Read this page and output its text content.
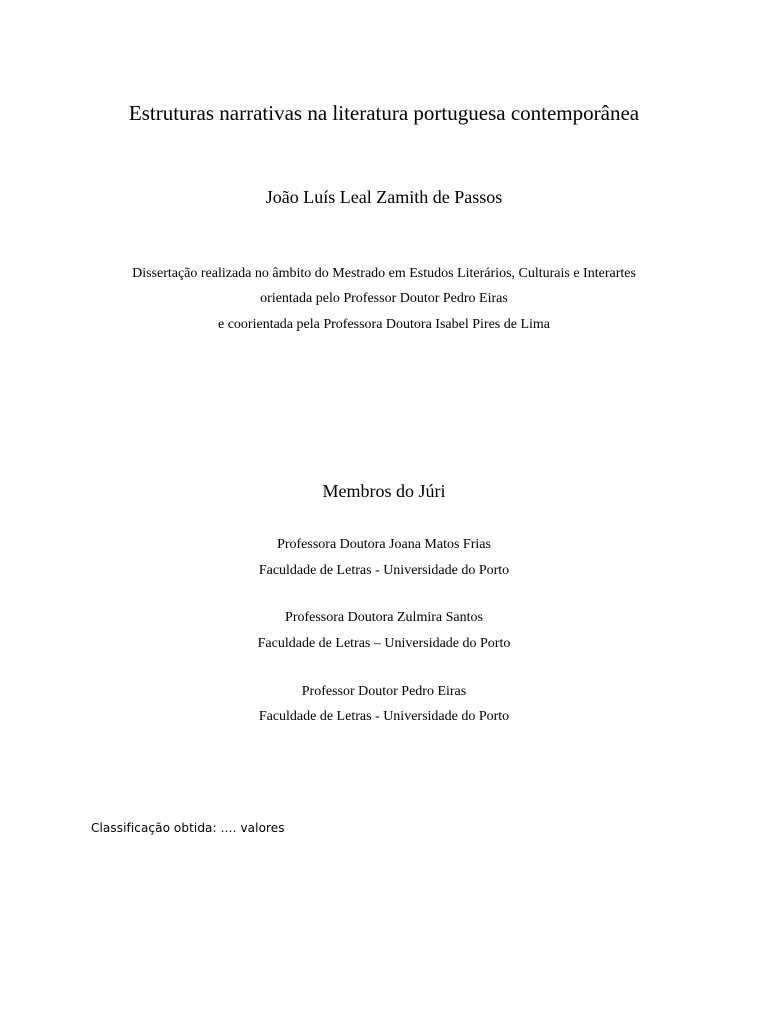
Estruturas narrativas na literatura portuguesa contemporânea

João Luís Leal Zamith de Passos

Dissertação realizada no âmbito do Mestrado em Estudos Literários, Culturais e Interartes

orientada pelo Professor Doutor Pedro Eiras

e coorientada pela Professora Doutora Isabel Pires de Lima

Membros do Júri

Professora Doutora Joana Matos Frias

Faculdade de Letras - Universidade do Porto

Professora Doutora Zulmira Santos

Faculdade de Letras – Universidade do Porto

Professor Doutor Pedro Eiras

Faculdade de Letras - Universidade do Porto

Classificação obtida: …. valores
